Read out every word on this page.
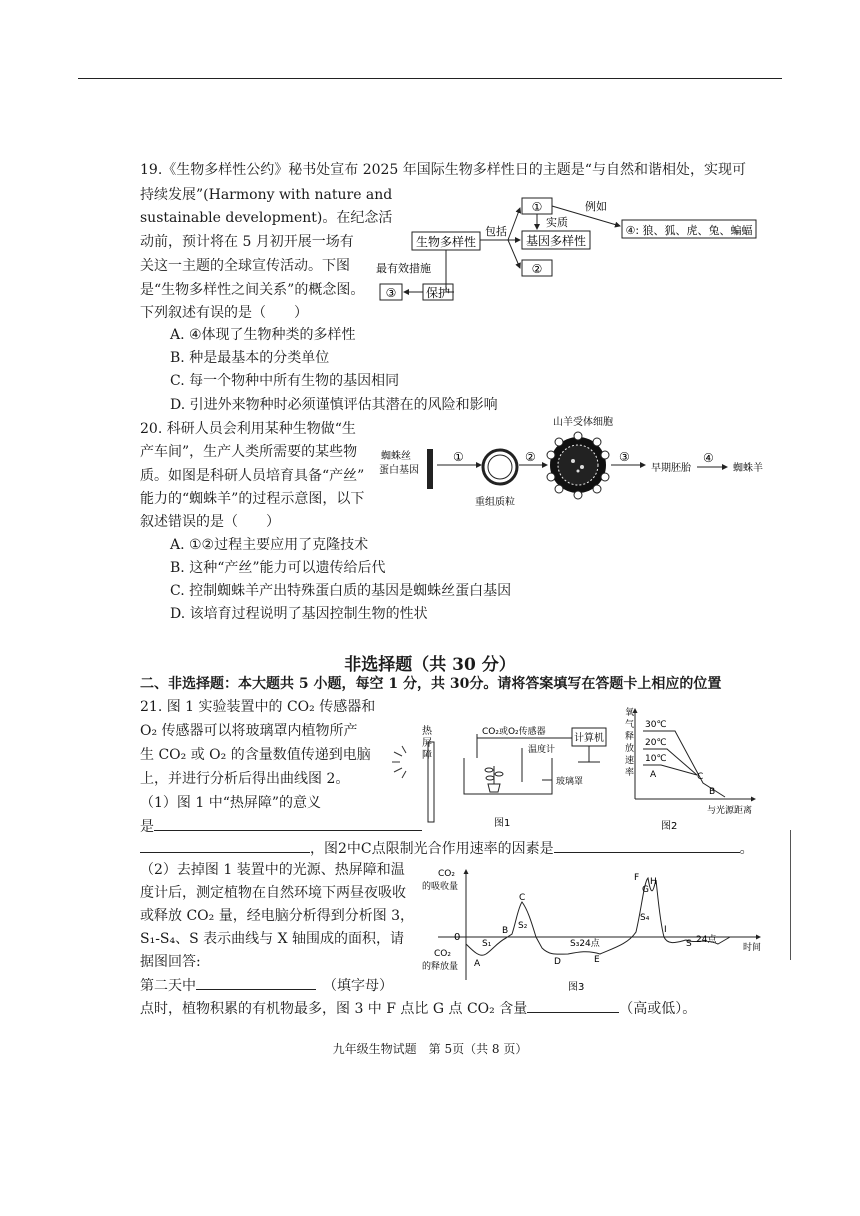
19.《生物多样性公约》秘书处宣布 2025 年国际生物多样性日的主题是“与自然和谐相处，实现可
持续发展”(Harmony with nature and
sustainable development)。在纪念活
动前，预计将在 5 月初开展一场有
关这一主题的全球宣传活动。下图
是“生物多样性之间关系”的概念图。
下列叙述有误的是（　　）
A. ④体现了生物种类的多样性
B. 种是最基本的分类单位
C. 每一个物种中所有生物的基因相同
D. 引进外来物种时必须谨慎评估其潜在的风险和影响
①
②
生物多样性	基因多样性
④: 狼、狐、虎、兔、蝙蝠
③ 保护
包括
实质
例如
最有效措施
20. 科研人员会利用某种生物做“生
产车间”，生产人类所需要的某些物
质。如图是科研人员培育具备“产丝”
能力的“蜘蛛羊”的过程示意图，以下
叙述错误的是（　　）
A. ①②过程主要应用了克隆技术
B. 这种“产丝”能力可以遗传给后代
C. 控制蜘蛛羊产出特殊蛋白质的基因是蜘蛛丝蛋白基因
D. 该培育过程说明了基因控制生物的性状
蜘蛛丝
蛋白基因
①
重组质粒
②
山羊受体细胞
③
早期胚胎
④
蜘蛛羊
非选择题（共 30 分）
二、非选择题：本大题共 5 小题，每空 1 分，共 30分。请将答案填写在答题卡上相应的位置
21. 图 1 实验装置中的 CO₂ 传感器和
O₂ 传感器可以将玻璃罩内植物所产
生 CO₂ 或 O₂ 的含量数值传递到电脑
上，并进行分析后得出曲线图 2。
（1）图 1 中“热屏障”的意义
是
，图2中C点限制光合作用速率的因素是	。
（2）去掉图 1 装置中的光源、热屏障和温
度计后，测定植物在自然环境下两昼夜吸收
或释放 CO₂ 量，经电脑分析得到分析图 3，
S₁-S₄、S 表示曲线与 X 轴围成的面积，请
据图回答:
第二天中　	（填字母）
点时，植物积累的有机物最多，图 3 中 F 点比 G 点 CO₂ 含量	（高或低）。
热
屏
障
CO₂或O₂传感器
计算机
温度计
玻璃罩
图1
氧
气
释
放
速
率
30℃
20℃
10℃
A
B
C
与光源距离
图2
CO₂
的吸收量
CO₂
的释放量
0
时间
A
B
C
D	E
F
G
H
I
S₁
S₂
S₃24点
S₄
S 24点
图3
九年级生物试题　第 5页（共 8 页）
